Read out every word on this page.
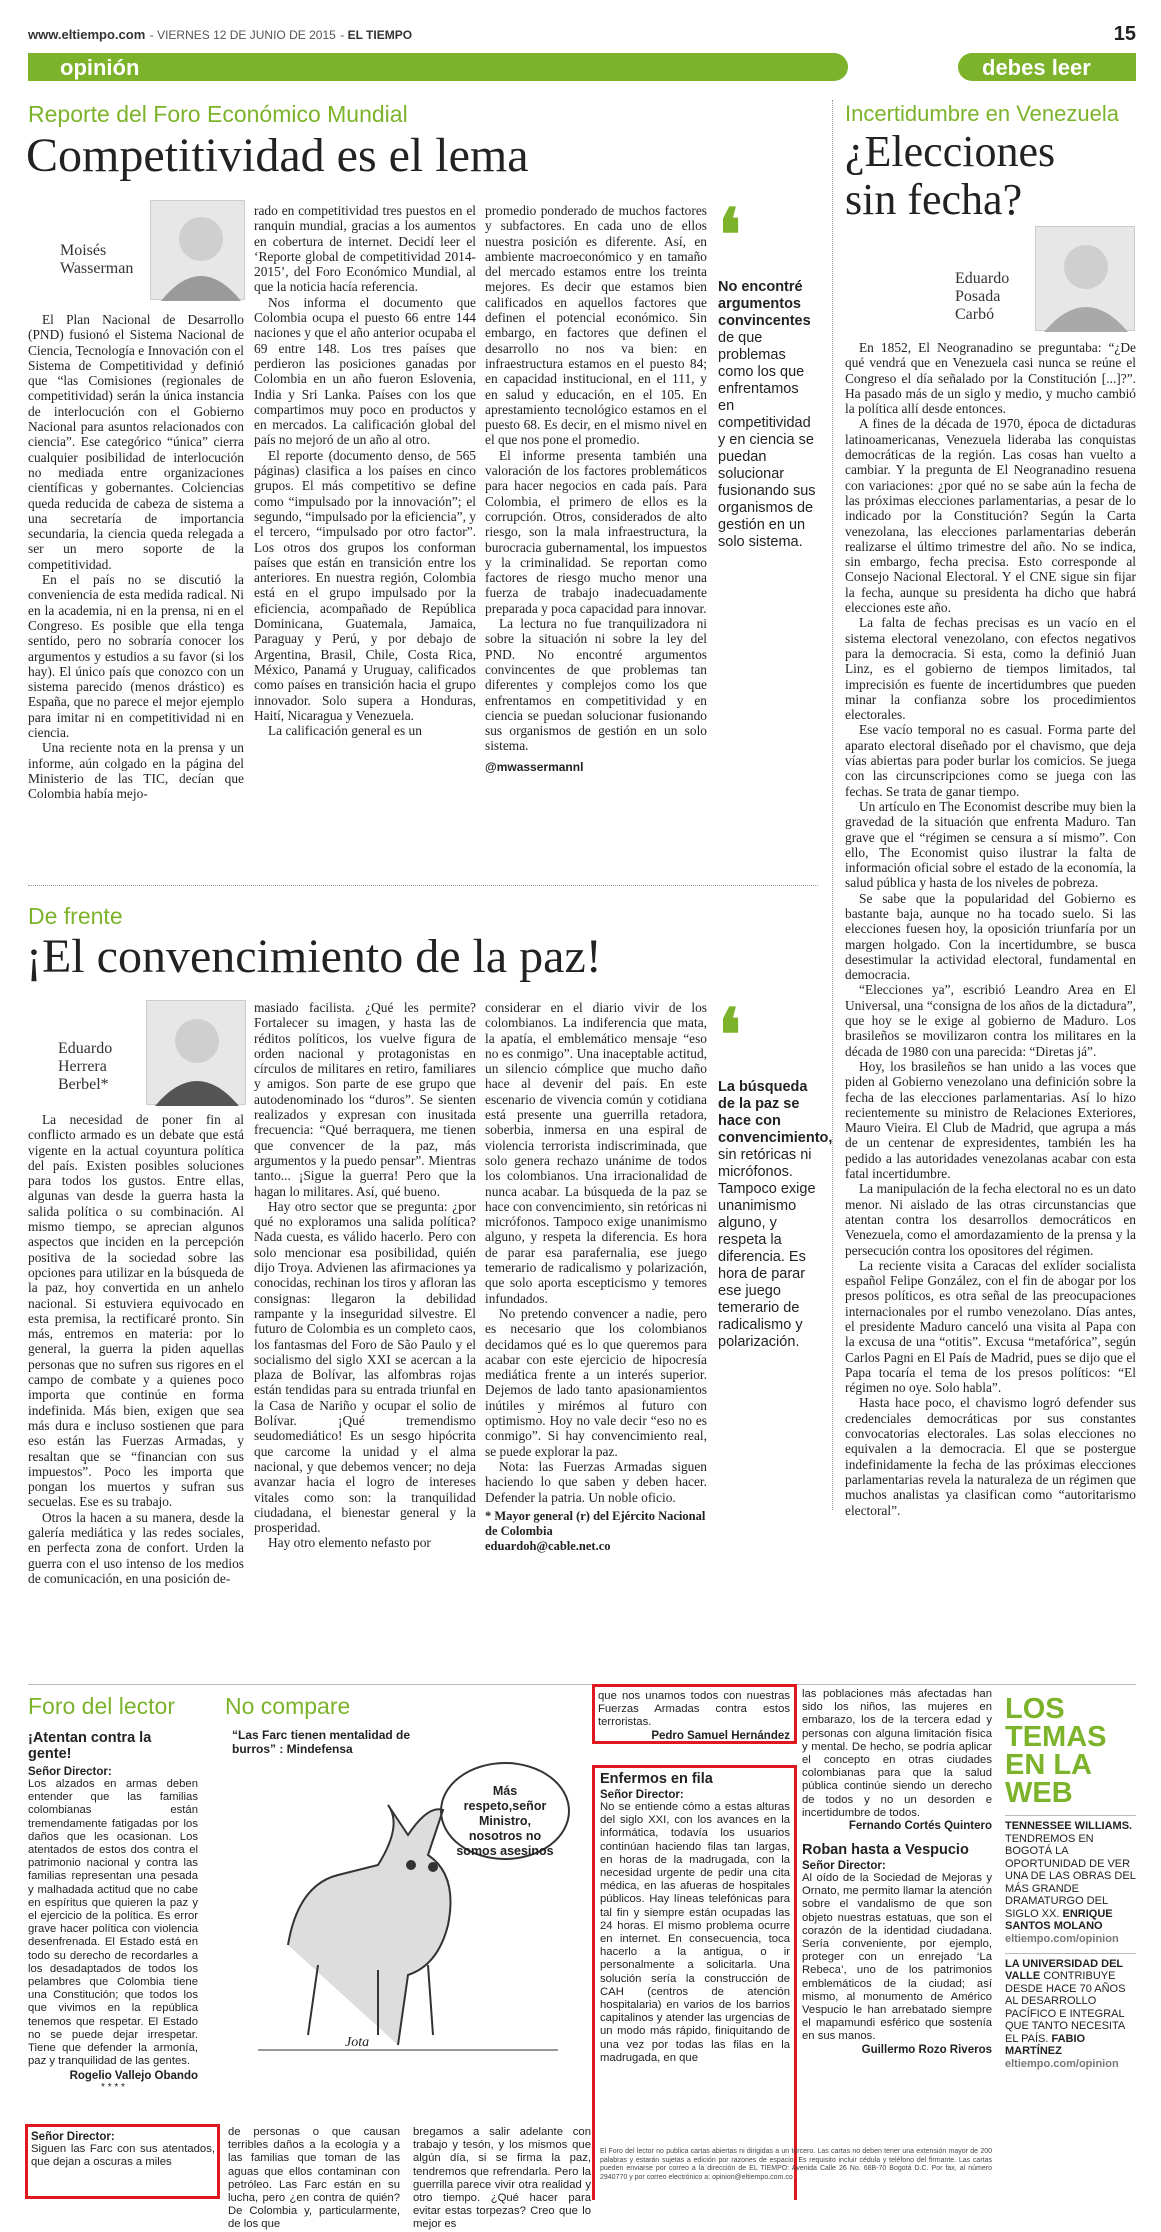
www.eltiempo.com - VIERNES 12 DE JUNIO DE 2015 - EL TIEMPO	15
opinión	debes leer
Reporte del Foro Económico Mundial
Competitividad es el lema
Moisés Wasserman

El Plan Nacional de Desarrollo (PND) fusionó el Sistema Nacional de Ciencia, Tecnología e Innovación con el Sistema de Competitividad y definió que “las Comisiones (regionales de competitividad) serán la única instancia de interlocución con el Gobierno Nacional para asuntos relacionados con ciencia”. Ese categórico “única” cierra cualquier posibilidad de interlocución no mediada entre organizaciones científicas y gobernantes. Colciencias queda reducida de cabeza de sistema a una secretaría de importancia secundaria, la ciencia queda relegada a ser un mero soporte de la competitividad.

En el país no se discutió la conveniencia de esta medida radical. Ni en la academia, ni en la prensa, ni en el Congreso. Es posible que ella tenga sentido, pero no sobraría conocer los argumentos y estudios a su favor (si los hay). El único país que conozco con un sistema parecido (menos drástico) es España, que no parece el mejor ejemplo para imitar ni en competitividad ni en ciencia.

Una reciente nota en la prensa y un informe, aún colgado en la página del Ministerio de las TIC, decían que Colombia había mejo-

rado en competitividad tres puestos en el ranquin mundial, gracias a los aumentos en cobertura de internet. Decidí leer el ‘Reporte global de competitividad 2014-2015’, del Foro Económico Mundial, al que la noticia hacía referencia.

Nos informa el documento que Colombia ocupa el puesto 66 entre 144 naciones y que el año anterior ocupaba el 69 entre 148. Los tres países que perdieron las posiciones ganadas por Colombia en un año fueron Eslovenia, India y Sri Lanka. Países con los que compartimos muy poco en productos y en mercados. La calificación global del país no mejoró de un año al otro.

El reporte (documento denso, de 565 páginas) clasifica a los países en cinco grupos. El más competitivo se define como “impulsado por la innovación”; el segundo, “impulsado por la eficiencia”, y el tercero, “impulsado por otro factor”. Los otros dos grupos los conforman países que están en transición entre los anteriores. En nuestra región, Colombia está en el grupo impulsado por la eficiencia, acompañado de República Dominicana, Guatemala, Jamaica, Paraguay y Perú, y por debajo de Argentina, Brasil, Chile, Costa Rica, México, Panamá y Uruguay, calificados como países en transición hacia el grupo innovador. Solo supera a Honduras, Haití, Nicaragua y Venezuela.

La calificación general es un

promedio ponderado de muchos factores y subfactores. En cada uno de ellos nuestra posición es diferente. Así, en ambiente macroeconómico y en tamaño del mercado estamos entre los treinta mejores. Es decir que estamos bien calificados en aquellos factores que definen el potencial económico. Sin embargo, en factores que definen el desarrollo no nos va bien: en infraestructura estamos en el puesto 84; en capacidad institucional, en el 111, y en salud y educación, en el 105. En aprestamiento tecnológico estamos en el puesto 68. Es decir, en el mismo nivel en el que nos pone el promedio.

El informe presenta también una valoración de los factores problemáticos para hacer negocios en cada país. Para Colombia, el primero de ellos es la corrupción. Otros, considerados de alto riesgo, son la mala infraestructura, la burocracia gubernamental, los impuestos y la criminalidad. Se reportan como factores de riesgo mucho menor una fuerza de trabajo inadecuadamente preparada y poca capacidad para innovar.

La lectura no fue tranquilizadora ni sobre la situación ni sobre la ley del PND. No encontré argumentos convincentes de que problemas tan diferentes y complejos como los que enfrentamos en competitividad y en ciencia se puedan solucionar fusionando sus organismos de gestión en un solo sistema.

@mwassermannl
❛
No encontré argumentos convincentes de que problemas como los que enfrentamos en competitividad y en ciencia se puedan solucionar fusionando sus organismos de gestión en un solo sistema.
De frente
¡El convencimiento de la paz!
Eduardo Herrera Berbel*

La necesidad de poner fin al conflicto armado es un debate que está vigente en la actual coyuntura política del país. Existen posibles soluciones para todos los gustos. Entre ellas, algunas van desde la guerra hasta la salida política o su combinación. Al mismo tiempo, se aprecian algunos aspectos que inciden en la percepción positiva de la sociedad sobre las opciones para utilizar en la búsqueda de la paz, hoy convertida en un anhelo nacional. Si estuviera equivocado en esta premisa, la rectificaré pronto. Sin más, entremos en materia: por lo general, la guerra la piden aquellas personas que no sufren sus rigores en el campo de combate y a quienes poco importa que continúe en forma indefinida. Más bien, exigen que sea más dura e incluso sostienen que para eso están las Fuerzas Armadas, y resaltan que se “financian con sus impuestos”. Poco les importa que pongan los muertos y sufran sus secuelas. Ese es su trabajo.

Otros la hacen a su manera, desde la galería mediática y las redes sociales, en perfecta zona de confort. Urden la guerra con el uso intenso de los medios de comunicación, en una posición de-

masiado facilista. ¿Qué les permite? Fortalecer su imagen, y hasta las de réditos políticos, los vuelve figura de orden nacional y protagonistas en círculos de militares en retiro, familiares y amigos. Son parte de ese grupo que autodenominado los “duros”. Se sienten realizados y expresan con inusitada frecuencia: “Qué berraquera, me tienen que convencer de la paz, más argumentos y la puedo pensar”. Mientras tanto... ¡Sigue la guerra! Pero que la hagan lo militares. Así, qué bueno.

Hay otro sector que se pregunta: ¿por qué no exploramos una salida política? Nada cuesta, es válido hacerlo. Pero con solo mencionar esa posibilidad, quién dijo Troya. Advienen las afirmaciones ya conocidas, rechinan los tiros y afloran las consignas: llegaron la debilidad rampante y la inseguridad silvestre. El futuro de Colombia es un completo caos, los fantasmas del Foro de São Paulo y el socialismo del siglo XXI se acercan a la plaza de Bolívar, las alfombras rojas están tendidas para su entrada triunfal en la Casa de Nariño y ocupar el solio de Bolívar. ¡Qué tremendismo seudomediático! Es un sesgo hipócrita que carcome la unidad y el alma nacional, y que debemos vencer; no deja avanzar hacia el logro de intereses vitales como son: la tranquilidad ciudadana, el bienestar general y la prosperidad.

Hay otro elemento nefasto por

considerar en el diario vivir de los colombianos. La indiferencia que mata, la apatía, el emblemático mensaje “eso no es conmigo”. Una inaceptable actitud, un silencio cómplice que mucho daño hace al devenir del país. En este escenario de vivencia común y cotidiana está presente una guerrilla retadora, soberbia, inmersa en una espiral de violencia terrorista indiscriminada, que solo genera rechazo unánime de todos los colombianos. Una irracionalidad de nunca acabar. La búsqueda de la paz se hace con convencimiento, sin retóricas ni micrófonos. Tampoco exige unanimismo alguno, y respeta la diferencia. Es hora de parar esa parafernalia, ese juego temerario de radicalismo y polarización, que solo aporta escepticismo y temores infundados.

No pretendo convencer a nadie, pero es necesario que los colombianos decidamos qué es lo que queremos para acabar con este ejercicio de hipocresía mediática frente a un interés superior. Dejemos de lado tanto apasionamientos inútiles y mirémos al futuro con optimismo. Hoy no vale decir “eso no es conmigo”. Si hay convencimiento real, se puede explorar la paz.

Nota: las Fuerzas Armadas siguen haciendo lo que saben y deben hacer. Defender la patria. Un noble oficio.

* Mayor general (r) del Ejército Nacional de Colombia
eduardoh@cable.net.co
❛
La búsqueda de la paz se hace con convencimiento, sin retóricas ni micrófonos. Tampoco exige unanimismo alguno, y respeta la diferencia. Es hora de parar ese juego temerario de radicalismo y polarización.
Incertidumbre en Venezuela
¿Elecciones sin fecha?
Eduardo Posada Carbó

En 1852, El Neogranadino se preguntaba: “¿De qué vendrá que en Venezuela casi nunca se reúne el Congreso el día señalado por la Constitución [...]?”. Ha pasado más de un siglo y medio, y mucho cambió la política allí desde entonces.

A fines de la década de 1970, época de dictaduras latinoamericanas, Venezuela lideraba las conquistas democráticas de la región. Las cosas han vuelto a cambiar. Y la pregunta de El Neogranadino resuena con variaciones: ¿por qué no se sabe aún la fecha de las próximas elecciones parlamentarias, a pesar de lo indicado por la Constitución? Según la Carta venezolana, las elecciones parlamentarias deberán realizarse el último trimestre del año. No se indica, sin embargo, fecha precisa. Esto corresponde al Consejo Nacional Electoral. Y el CNE sigue sin fijar la fecha, aunque su presidenta ha dicho que habrá elecciones este año.

La falta de fechas precisas es un vacío en el sistema electoral venezolano, con efectos negativos para la democracia. Si esta, como la definió Juan Linz, es el gobierno de tiempos limitados, tal imprecisión es fuente de incertidumbres que pueden minar la confianza sobre los procedimientos electorales.

Ese vacío temporal no es casual. Forma parte del aparato electoral diseñado por el chavismo, que deja vías abiertas para poder burlar los comicios. Se juega con las circunscripciones como se juega con las fechas. Se trata de ganar tiempo.

Un artículo en The Economist describe muy bien la gravedad de la situación que enfrenta Maduro. Tan grave que el “régimen se censura a sí mismo”. Con ello, The Economist quiso ilustrar la falta de información oficial sobre el estado de la economía, la salud pública y hasta de los niveles de pobreza.

Se sabe que la popularidad del Gobierno es bastante baja, aunque no ha tocado suelo. Si las elecciones fuesen hoy, la oposición triunfaría por un margen holgado. Con la incertidumbre, se busca desestimular la actividad electoral, fundamental en democracia.

“Elecciones ya”, escribió Leandro Area en El Universal, una “consigna de los años de la dictadura”, que hoy se le exige al gobierno de Maduro. Los brasileños se movilizaron contra los militares en la década de 1980 con una parecida: “Diretas já”.

Hoy, los brasileños se han unido a las voces que piden al Gobierno venezolano una definición sobre la fecha de las elecciones parlamentarias. Así lo hizo recientemente su ministro de Relaciones Exteriores, Mauro Vieira. El Club de Madrid, que agrupa a más de un centenar de expresidentes, también les ha pedido a las autoridades venezolanas acabar con esta fatal incertidumbre.

La manipulación de la fecha electoral no es un dato menor. Ni aislado de las otras circunstancias que atentan contra los desarrollos democráticos en Venezuela, como el amordazamiento de la prensa y la persecución contra los opositores del régimen.

La reciente visita a Caracas del exlíder socialista español Felipe González, con el fin de abogar por los presos políticos, es otra señal de las preocupaciones internacionales por el rumbo venezolano. Días antes, el presidente Maduro canceló una visita al Papa con la excusa de una “otitis”. Excusa “metafórica”, según Carlos Pagni en El País de Madrid, pues se dijo que el Papa tocaría el tema de los presos políticos: “El régimen no oye. Solo habla”.

Hasta hace poco, el chavismo logró defender sus credenciales democráticas por sus constantes convocatorias electorales. Las solas elecciones no equivalen a la democracia. El que se postergue indefinidamente la fecha de las próximas elecciones parlamentarias revela la naturaleza de un régimen que muchos analistas ya clasifican como “autoritarismo electoral”.

Foro del lector
¡Atentan contra la gente!
Señor Director:

Los alzados en armas deben entender que las familias colombianas están tremendamente fatigadas por los daños que les ocasionan. Los atentados de estos dos contra el patrimonio nacional y contra las familias representan una pesada y malhadada actitud que no cabe en espíritus que quieren la paz y el ejercicio de la política. Es error grave hacer política con violencia desenfrenada. El Estado está en todo su derecho de recordarles a los desadaptados de todos los pelambres que Colombia tiene una Constitución; que todos los que vivimos en la república tenemos que respetar. El Estado no se puede dejar irrespetar. Tiene que defender la armonía, paz y tranquilidad de las gentes.

Rogelio Vallejo Obando
* * * *
Señor Director:

Siguen las Farc con sus atentados, que dejan a oscuras a miles

No compare
“Las Farc tienen mentalidad de burros” : Mindefensa
Más respeto,señor Ministro, nosotros no somos asesinos
Jota

de personas o que causan terribles daños a la ecología y a las familias que toman de las aguas que ellos contaminan con petróleo. Las Farc están en su lucha, pero ¿en contra de quién? De Colombia y, particularmente, de los que

bregamos a salir adelante con trabajo y tesón, y los mismos que algún día, si se firma la paz, tendremos que refrendarla. Pero la guerrilla parece vivir otra realidad y otro tiempo. ¿Qué hacer para evitar estas torpezas? Creo que lo mejor es

que nos unamos todos con nuestras Fuerzas Armadas contra estos terroristas.

Pedro Samuel Hernández
Enfermos en fila
Señor Director:

No se entiende cómo a estas alturas del siglo XXI, con los avances en la informática, todavía los usuarios continúan haciendo filas tan largas, en horas de la madrugada, con la necesidad urgente de pedir una cita médica, en las afueras de hospitales públicos. Hay líneas telefónicas para tal fin y siempre están ocupadas las 24 horas. El mismo problema ocurre en internet. En consecuencia, toca hacerlo a la antigua, o ir personalmente a solicitarla. Una solución sería la construcción de CAH (centros de atención hospitalaria) en varios de los barrios capitalinos y atender las urgencias de un modo más rápido, finiquitando de una vez por todas las filas en la madrugada, en que

las poblaciones más afectadas han sido los niños, las mujeres en embarazo, los de la tercera edad y personas con alguna limitación física y mental. De hecho, se podría aplicar el concepto en otras ciudades colombianas para que la salud pública continúe siendo un derecho de todos y no un desorden e incertidumbre de todos.

Fernando Cortés Quintero
Roban hasta a Vespucio
Señor Director:

Al oído de la Sociedad de Mejoras y Ornato, me permito llamar la atención sobre el vandalismo de que son objeto nuestras estatuas, que son el corazón de la identidad ciudadana. Sería conveniente, por ejemplo, proteger con un enrejado ‘La Rebeca’, uno de los patrimonios emblemáticos de la ciudad; así mismo, al monumento de Américo Vespucio le han arrebatado siempre el mapamundi esférico que sostenía en sus manos.

Guillermo Rozo Riveros
El Foro del lector no publica cartas abiertas ni dirigidas a un tercero. Las cartas no deben tener una extensión mayor de 200 palabras y estarán sujetas a edición por razones de espacio. Es requisito incluir cédula y teléfono del firmante. Las cartas pueden enviarse por correo a la dirección de EL TIEMPO: Avenida Calle 26 No. 68B-70 Bogotá D.C. Por fax, al número 2940770 y por correo electrónico a: opinion@eltiempo.com.co
LOS
TEMAS
EN LA
WEB
TENNESSEE WILLIAMS. TENDREMOS EN BOGOTÁ LA OPORTUNIDAD DE VER UNA DE LAS OBRAS DEL MÁS GRANDE DRAMATURGO DEL SIGLO XX. ENRIQUE SANTOS MOLANO
eltiempo.com/opinion
LA UNIVERSIDAD DEL VALLE CONTRIBUYE DESDE HACE 70 AÑOS AL DESARROLLO PACÍFICO E INTEGRAL QUE TANTO NECESITA EL PAÍS. FABIO MARTÍNEZ
eltiempo.com/opinion
